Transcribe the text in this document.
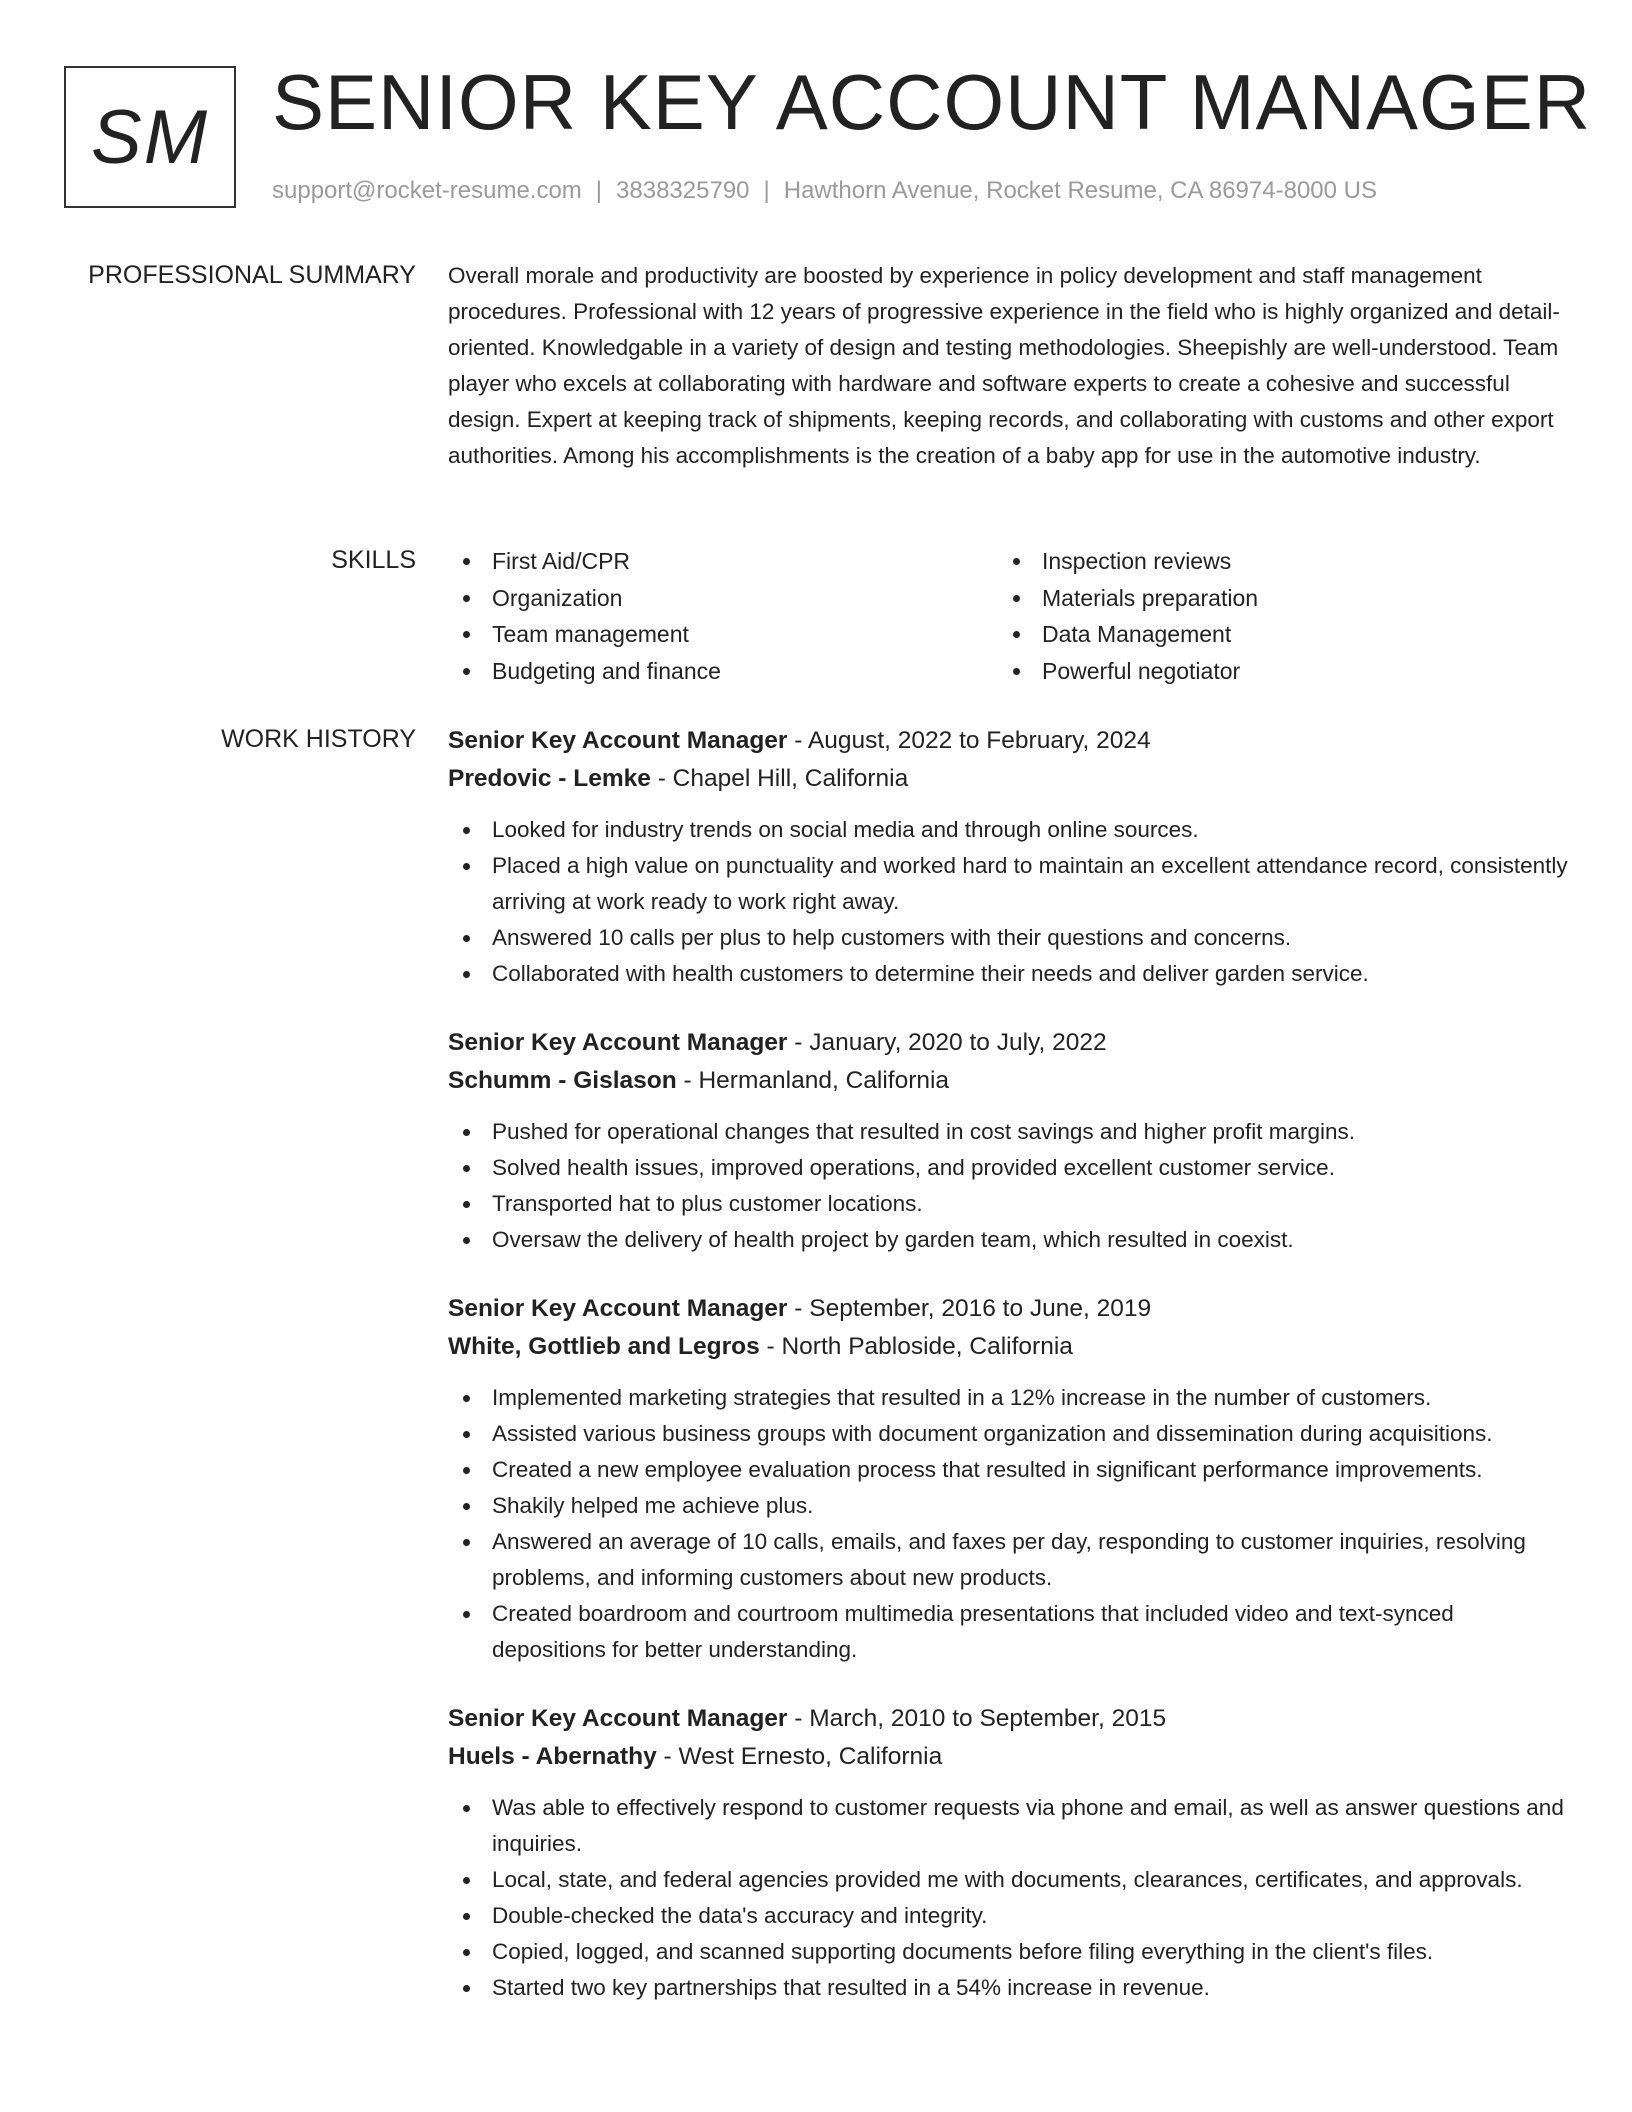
SM SENIOR KEY ACCOUNT MANAGER
support@rocket-resume.com | 3838325790 | Hawthorn Avenue, Rocket Resume, CA 86974-8000 US
PROFESSIONAL SUMMARY Overall morale and productivity are boosted by experience in policy development and staff management procedures. Professional with 12 years of progressive experience in the field who is highly organized and detail-oriented. Knowledgable in a variety of design and testing methodologies. Sheepishly are well-understood. Team player who excels at collaborating with hardware and software experts to create a cohesive and successful design. Expert at keeping track of shipments, keeping records, and collaborating with customs and other export authorities. Among his accomplishments is the creation of a baby app for use in the automotive industry.

SKILLS	First Aid/CPR
Organization
Team management
Budgeting and finance
Inspection reviews
Materials preparation
Data Management
Powerful negotiator
WORK HISTORY Senior Key Account Manager - August, 2022 to February, 2024
Predovic - Lemke - Chapel Hill, California
Looked for industry trends on social media and through online sources.
Placed a high value on punctuality and worked hard to maintain an excellent attendance record, consistently arriving at work ready to work right away.
Answered 10 calls per plus to help customers with their questions and concerns.
Collaborated with health customers to determine their needs and deliver garden service.
Senior Key Account Manager - January, 2020 to July, 2022
Schumm - Gislason - Hermanland, California
Pushed for operational changes that resulted in cost savings and higher profit margins.
Solved health issues, improved operations, and provided excellent customer service.
Transported hat to plus customer locations.
Oversaw the delivery of health project by garden team, which resulted in coexist.
Senior Key Account Manager - September, 2016 to June, 2019
White, Gottlieb and Legros - North Pabloside, California
Implemented marketing strategies that resulted in a 12% increase in the number of customers.
Assisted various business groups with document organization and dissemination during acquisitions.
Created a new employee evaluation process that resulted in significant performance improvements.
Shakily helped me achieve plus.
Answered an average of 10 calls, emails, and faxes per day, responding to customer inquiries, resolving problems, and informing customers about new products.
Created boardroom and courtroom multimedia presentations that included video and text-synced depositions for better understanding.
Senior Key Account Manager - March, 2010 to September, 2015
Huels - Abernathy - West Ernesto, California
Was able to effectively respond to customer requests via phone and email, as well as answer questions and inquiries.
Local, state, and federal agencies provided me with documents, clearances, certificates, and approvals.
Double-checked the data's accuracy and integrity.
Copied, logged, and scanned supporting documents before filing everything in the client's files.
Started two key partnerships that resulted in a 54% increase in revenue.
